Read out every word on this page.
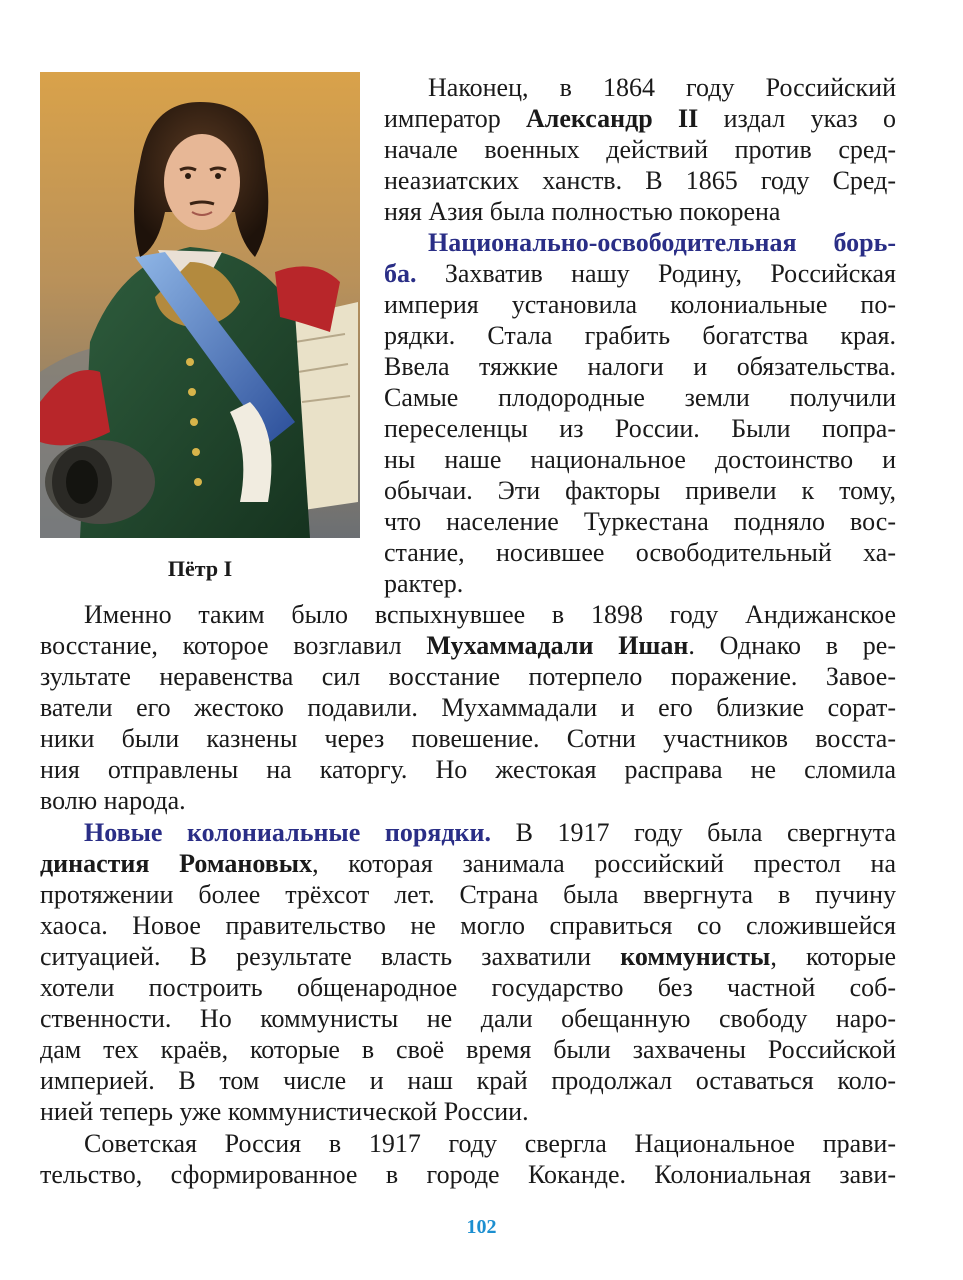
Пётр I

Наконец, в 1864 году Российский

император Александр II издал указ о

начале военных действий против сред-

неазиатских ханств. В 1865 году Сред-

няя Азия была полностью покорена

Национально-освободительная борь-

ба. Захватив нашу Родину, Российская

империя установила колониальные по-

рядки. Стала грабить богатства края.

Ввела тяжкие налоги и обязательства.

Самые плодородные земли получили

переселенцы из России. Были попра-

ны наше национальное достоинство и

обычаи. Эти факторы привели к тому,

что население Туркестана подняло вос-

стание, носившее освободительный ха-

рактер.

Именно таким было вспыхнувшее в 1898 году Андижанское

восстание, которое возглавил Мухаммадали Ишан. Однако в ре-

зультате неравенства сил восстание потерпело поражение. Завое-

ватели его жестоко подавили. Мухаммадали и его близкие сорат-

ники были казнены через повешение. Сотни участников восста-

ния отправлены на каторгу. Но жестокая расправа не сломила

волю народа.

Новые колониальные порядки. В 1917 году была свергнута

династия Романовых, которая занимала российский престол на

протяжении более трёхсот лет. Страна была ввергнута в пучину

хаоса. Новое правительство не могло справиться со сложившейся

ситуацией. В результате власть захватили коммунисты, которые

хотели построить общенародное государство без частной соб-

ственности. Но коммунисты не дали обещанную свободу наро-

дам тех краёв, которые в своё время были захвачены Российской

империей. В том числе и наш край продолжал оставаться коло-

нией теперь уже коммунистической России.

Советская Россия в 1917 году свергла Национальное прави-

тельство, сформированное в городе Коканде. Колониальная зави-

102
